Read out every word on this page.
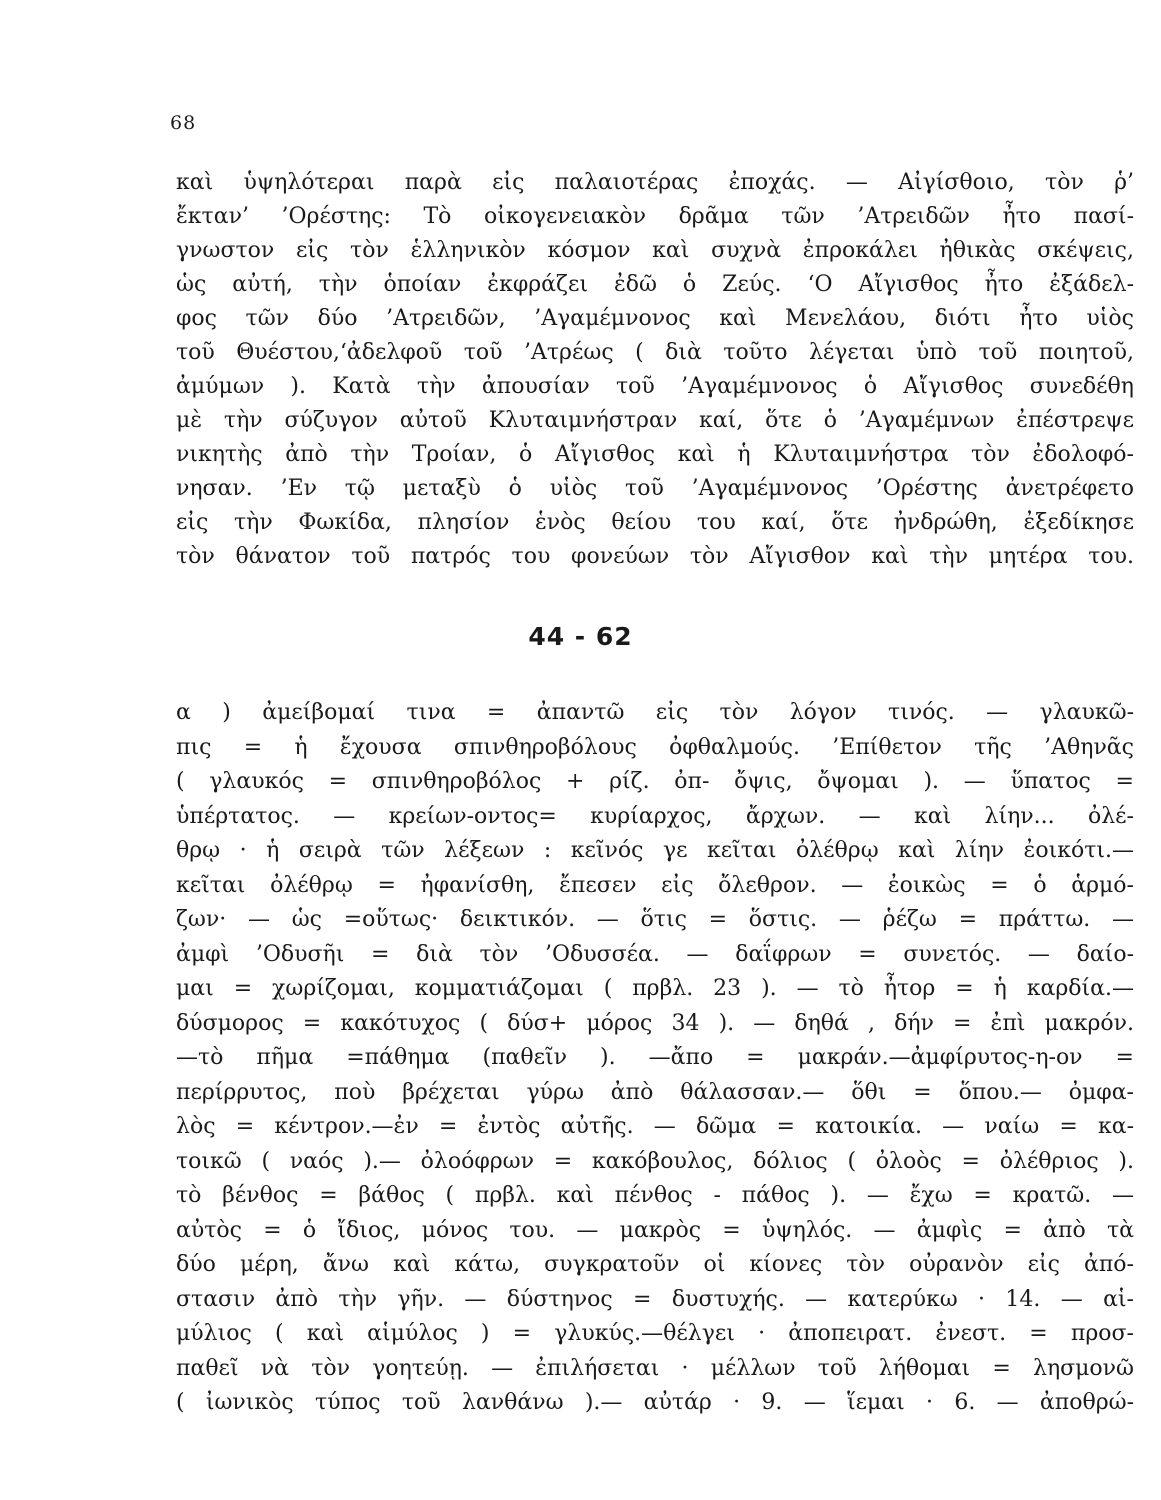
68
καὶ ὑψηλότεραι παρὰ εἰς παλαιοτέρας ἐποχάς. — Αἰγίσθοιο, τὸν ῥ’
ἔκταν’ ’Ορέστης: Τὸ οἰκογενειακὸν δρᾶμα τῶν ’Ατρειδῶν ἦτο πασί-
γνωστον εἰς τὸν ἑλληνικὸν κόσμον καὶ συχνὰ ἐπροκάλει ἠθικὰς σκέψεις,
ὡς αὐτή, τὴν ὁποίαν ἐκφράζει ἐδῶ ὁ Ζεύς. ‘Ο Αἴγισθος ἦτο ἐξάδελ-
φος τῶν δύο ’Ατρειδῶν, ’Αγαμέμνονος καὶ Μενελάου, διότι ἦτο υἱὸς
τοῦ Θυέστου,‘ἀδελφοῦ τοῦ ’Ατρέως ( διὰ τοῦτο λέγεται ὑπὸ τοῦ ποιητοῦ,
ἀμύμων ). Κατὰ τὴν ἀπουσίαν τοῦ ’Αγαμέμνονος ὁ Αἴγισθος συνεδέθη
μὲ τὴν σύζυγον αὐτοῦ Κλυταιμνήστραν καί, ὅτε ὁ ’Αγαμέμνων ἐπέστρεψε
νικητὴς ἀπὸ τὴν Τροίαν, ὁ Αἴγισθος καὶ ἡ Κλυταιμνήστρα τὸν ἐδολοφό-
νησαν. ’Εν τῷ μεταξὺ ὁ υἱὸς τοῦ ’Αγαμέμνονος ’Ορέστης ἀνετρέφετο
εἰς τὴν Φωκίδα, πλησίον ἑνὸς θείου του καί, ὅτε ἠνδρώθη, ἐξεδίκησε
τὸν θάνατον τοῦ πατρός του φονεύων τὸν Αἴγισθον καὶ τὴν μητέρα του.
44 - 62
α ) ἀμείβομαί τινα = ἀπαντῶ εἰς τὸν λόγον τινός. — γλαυκῶ-
πις = ἡ ἔχουσα σπινθηροβόλους ὀφθαλμούς. ’Επίθετον τῆς ’Αθηνᾶς
( γλαυκός = σπινθηροβόλος + ρίζ. ὀπ- ὄψις, ὄψομαι ). — ὕπατος =
ὑπέρτατος. — κρείων-οντος= κυρίαρχος, ἄρχων. — καὶ λίην... ὀλέ-
θρῳ · ἡ σειρὰ τῶν λέξεων : κεῖνός γε κεῖται ὀλέθρῳ καὶ λίην ἐοικότι.—
κεῖται ὀλέθρῳ = ἠφανίσθη, ἔπεσεν εἰς ὄλεθρον. — ἐοικὼς = ὁ ἁρμό-
ζων· — ὡς =οὕτως· δεικτικόν. — ὅτις = ὅστις. — ῥέζω = πράττω. —
ἀμφὶ ’Οδυσῆι = διὰ τὸν ’Οδυσσέα. — δαΐφρων = συνετός. — δαίο-
μαι = χωρίζομαι, κομματιάζομαι ( πρβλ. 23 ). — τὸ ἦτορ = ἡ καρδία.—
δύσμορος = κακότυχος ( δύσ+ μόρος 34 ). — δηθά , δήν = ἐπὶ μακρόν.
—τὸ πῆμα =πάθημα (παθεῖν ). —ἄπο = μακράν.—ἀμφίρυτος-η-ον =
περίρρυτος, ποὺ βρέχεται γύρω ἀπὸ θάλασσαν.— ὅθι = ὅπου.— ὀμφα-
λὸς = κέντρον.—ἐν = ἐντὸς αὐτῆς. — δῶμα = κατοικία. — ναίω = κα-
τοικῶ ( ναός ).— ὀλοόφρων = κακόβουλος, δόλιος ( ὀλοὸς = ὀλέθριος ).
τὸ βένθος = βάθος ( πρβλ. καὶ πένθος - πάθος ). — ἔχω = κρατῶ. —
αὐτὸς = ὁ ἴδιος, μόνος του. — μακρὸς = ὑψηλός. — ἀμφὶς = ἀπὸ τὰ
δύο μέρη, ἄνω καὶ κάτω, συγκρατοῦν οἱ κίονες τὸν οὐρανὸν εἰς ἀπό-
στασιν ἀπὸ τὴν γῆν. — δύστηνος = δυστυχής. — κατερύκω · 14. — αἱ-
μύλιος ( καὶ αἱμύλος ) = γλυκύς.—θέλγει · ἀποπειρατ. ἐνεστ. = προσ-
παθεῖ νὰ τὸν γοητεύῃ. — ἐπιλήσεται · μέλλων τοῦ λήθομαι = λησμονῶ
( ἰωνικὸς τύπος τοῦ λανθάνω ).— αὐτάρ · 9. — ἵεμαι · 6. — ἀποθρώ-
